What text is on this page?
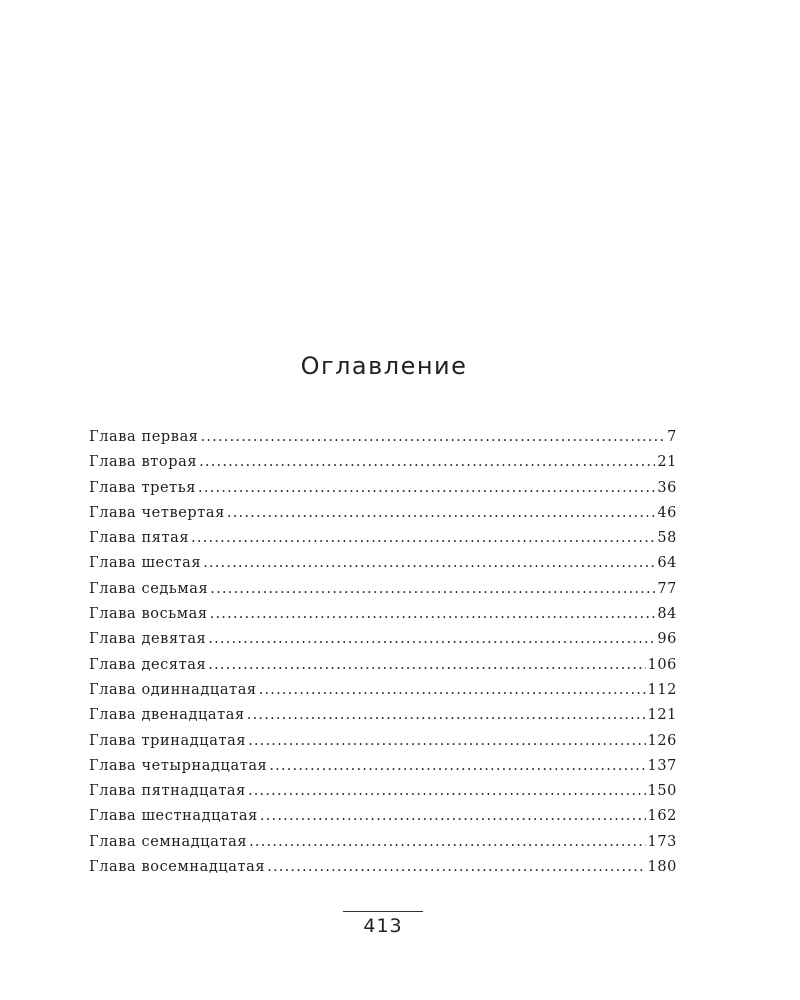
Оглавление
Глава первая .....	7
Глава вторая .....	21
Глава третья .....	36
Глава четвертая .....	46
Глава пятая .....	58
Глава шестая .....	64
Глава седьмая .....	77
Глава восьмая .....	84
Глава девятая .....	96
Глава десятая .....	106
Глава одиннадцатая .....	112
Глава двенадцатая .....	121
Глава тринадцатая .....	126
Глава четырнадцатая .....	137
Глава пятнадцатая .....	150
Глава шестнадцатая .....	162
Глава семнадцатая .....	173
Глава восемнадцатая .....	180
413
